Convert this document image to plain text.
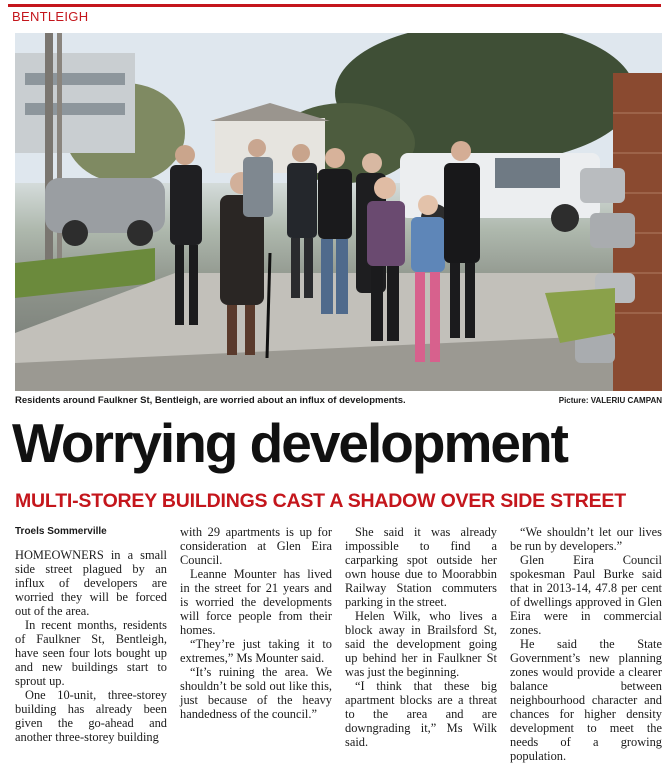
BENTLEIGH
Residents around Faulkner St, Bentleigh, are worried about an influx of developments.	Picture: VALERIU CAMPAN
Worrying development
MULTI-STOREY BUILDINGS CAST A SHADOW OVER SIDE STREET
Troels Sommerville

HOMEOWNERS in a small side street plagued by an influx of developers are worried they will be forced out of the area.

In recent months, residents of Faulkner St, Bentleigh, have seen four lots bought up and new buildings start to sprout up.

One 10-unit, three-storey building has already been given the go-ahead and another three-storey building

with 29 apartments is up for consideration at Glen Eira Council.

Leanne Mounter has lived in the street for 21 years and is worried the developments will force people from their homes.

“They’re just taking it to extremes,” Ms Mounter said.

“It’s ruining the area. We shouldn’t be sold out like this, just because of the heavy handedness of the council.”

She said it was already impossible to find a carparking spot outside her own house due to Moorabbin Railway Station commuters parking in the street.

Helen Wilk, who lives a block away in Brailsford St, said the development going up behind her in Faulkner St was just the beginning.

“I think that these big apartment blocks are a threat to the area and are downgrading it,” Ms Wilk said.

“We shouldn’t let our lives be run by developers.”

Glen Eira Council spokesman Paul Burke said that in 2013-14, 47.8 per cent of dwellings approved in Glen Eira were in commercial zones.

He said the State Government’s new planning zones would provide a clearer balance between neighbourhood character and chances for higher density development to meet the needs of a growing population.
